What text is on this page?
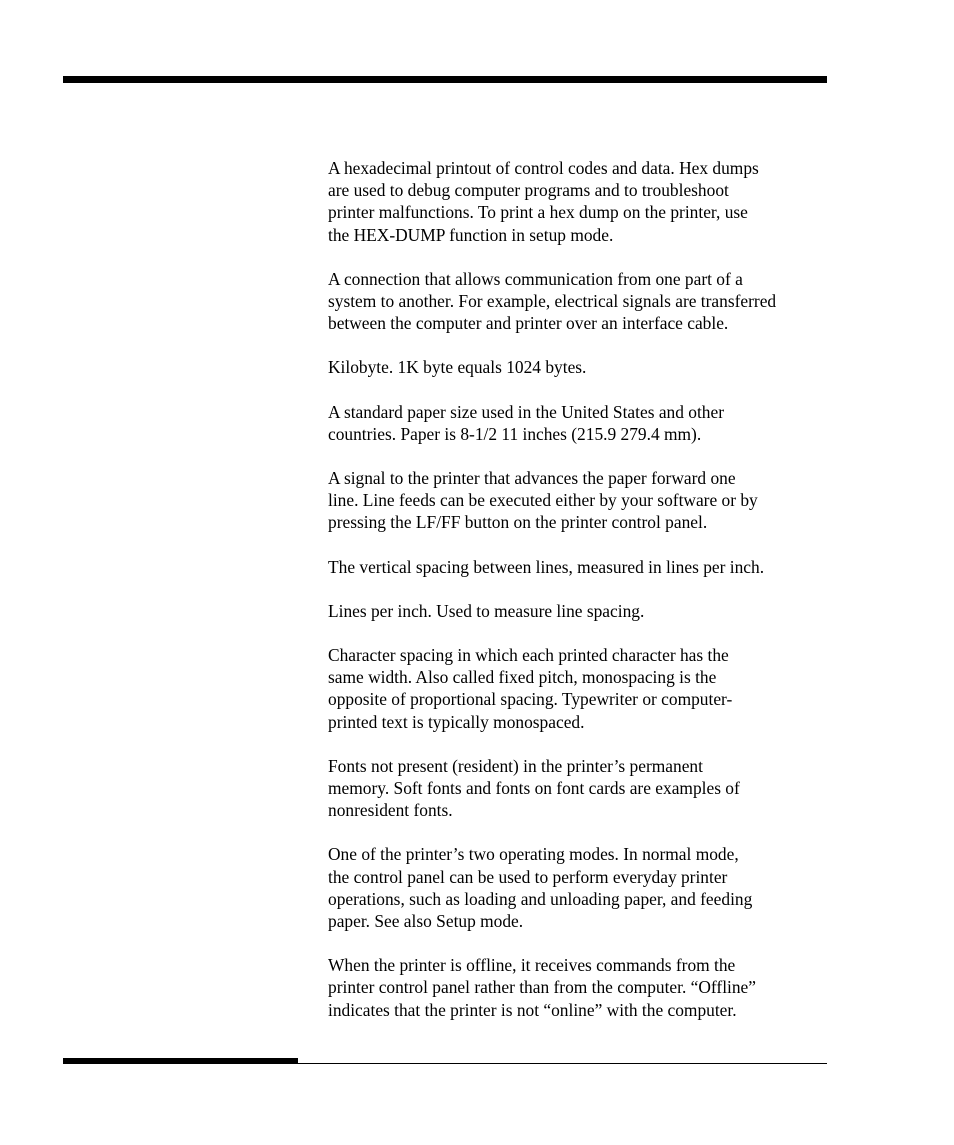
A hexadecimal printout of control codes and data. Hex dumps
are used to debug computer programs and to troubleshoot
printer malfunctions. To print a hex dump on the printer, use
the HEX-DUMP function in setup mode.

A connection that allows communication from one part of a
system to another. For example, electrical signals are transferred
between the computer and printer over an interface cable.

Kilobyte. 1K byte equals 1024 bytes.

A standard paper size used in the United States and other
countries. Paper is 8-1/2 11 inches (215.9 279.4 mm).

A signal to the printer that advances the paper forward one
line. Line feeds can be executed either by your software or by
pressing the LF/FF button on the printer control panel.

The vertical spacing between lines, measured in lines per inch.

Lines per inch. Used to measure line spacing.

Character spacing in which each printed character has the
same width. Also called fixed pitch, monospacing is the
opposite of proportional spacing. Typewriter or computer-
printed text is typically monospaced.

Fonts not present (resident) in the printer’s permanent
memory. Soft fonts and fonts on font cards are examples of
nonresident fonts.

One of the printer’s two operating modes. In normal mode,
the control panel can be used to perform everyday printer
operations, such as loading and unloading paper, and feeding
paper. See also Setup mode.

When the printer is offline, it receives commands from the
printer control panel rather than from the computer. “Offline”
indicates that the printer is not “online” with the computer.
